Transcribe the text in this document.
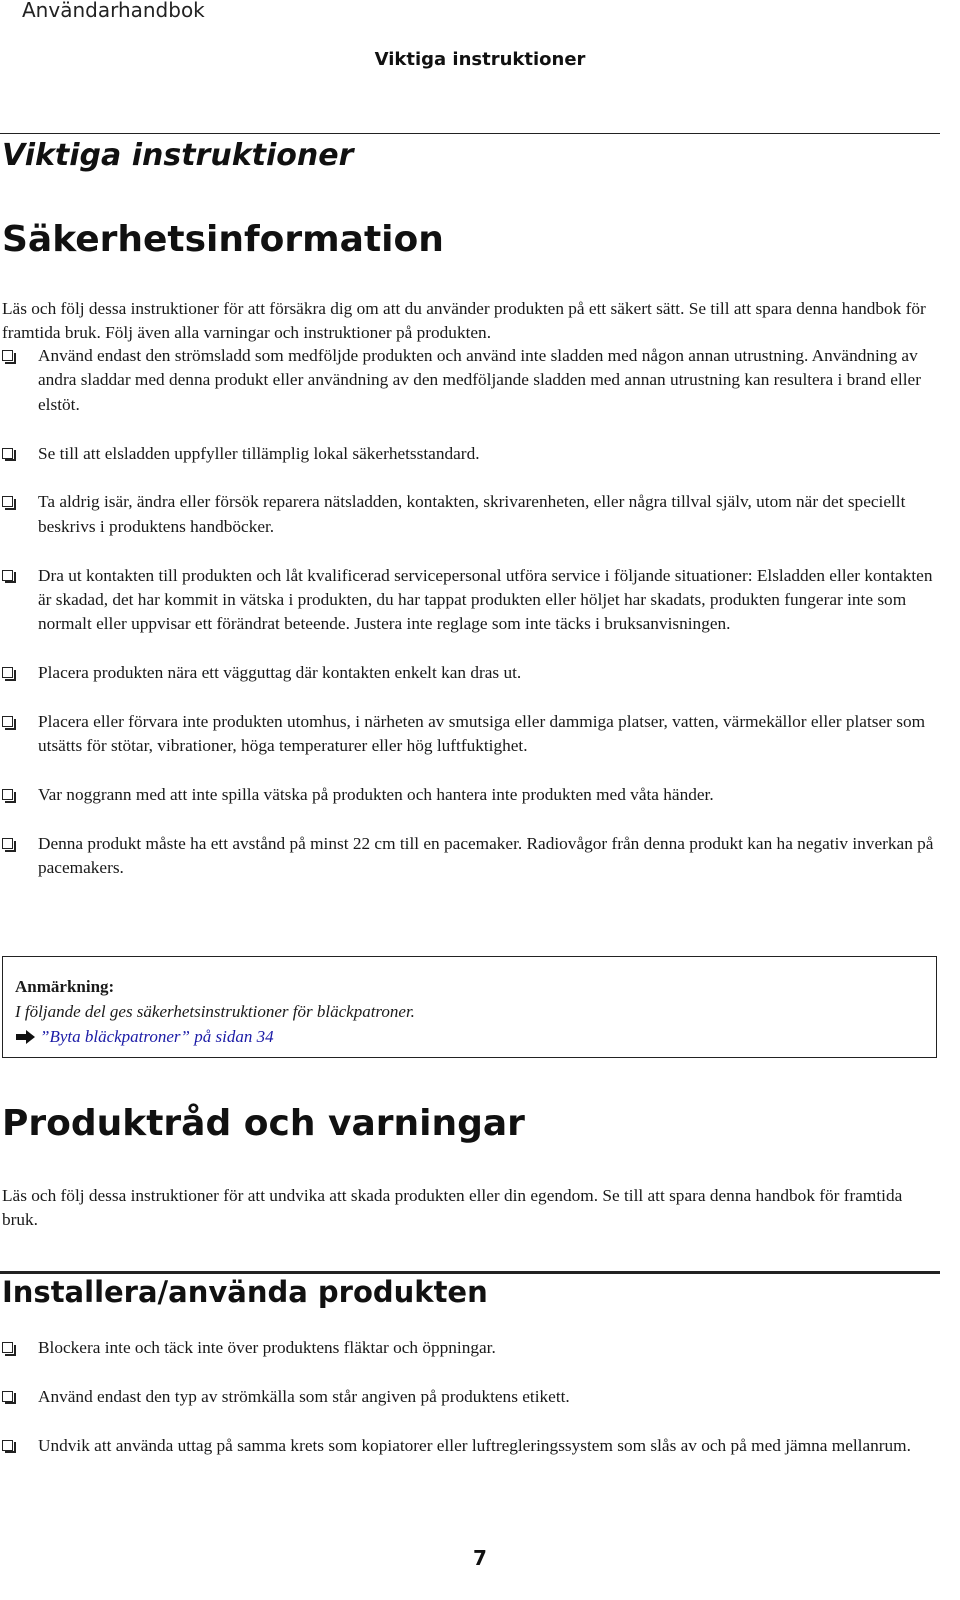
Användarhandbok
Viktiga instruktioner
Viktiga instruktioner
Säkerhetsinformation

Läs och följ dessa instruktioner för att försäkra dig om att du använder produkten på ett säkert sätt. Se till att spara denna handbok för framtida bruk. Följ även alla varningar och instruktioner på produkten.

Använd endast den strömsladd som medföljde produkten och använd inte sladden med någon annan utrustning. Användning av andra sladdar med denna produkt eller användning av den medföljande sladden med annan utrustning kan resultera i brand eller elstöt.
Se till att elsladden uppfyller tillämplig lokal säkerhetsstandard.
Ta aldrig isär, ändra eller försök reparera nätsladden, kontakten, skrivarenheten, eller några tillval själv, utom när det speciellt beskrivs i produktens handböcker.
Dra ut kontakten till produkten och låt kvalificerad servicepersonal utföra service i följande situationer: Elsladden eller kontakten är skadad, det har kommit in vätska i produkten, du har tappat produkten eller höljet har skadats, produkten fungerar inte som normalt eller uppvisar ett förändrat beteende. Justera inte reglage som inte täcks i bruksanvisningen.
Placera produkten nära ett vägguttag där kontakten enkelt kan dras ut.
Placera eller förvara inte produkten utomhus, i närheten av smutsiga eller dammiga platser, vatten, värmekällor eller platser som utsätts för stötar, vibrationer, höga temperaturer eller hög luftfuktighet.
Var noggrann med att inte spilla vätska på produkten och hantera inte produkten med våta händer.
Denna produkt måste ha ett avstånd på minst 22 cm till en pacemaker. Radiovågor från denna produkt kan ha negativ inverkan på pacemakers.
Anmärkning:
I följande del ges säkerhetsinstruktioner för bläckpatroner.
”Byta bläckpatroner” på sidan 34
Produktråd och varningar

Läs och följ dessa instruktioner för att undvika att skada produkten eller din egendom. Se till att spara denna handbok för framtida bruk.

Installera/använda produkten
Blockera inte och täck inte över produktens fläktar och öppningar.
Använd endast den typ av strömkälla som står angiven på produktens etikett.
Undvik att använda uttag på samma krets som kopiatorer eller luftregleringssystem som slås av och på med jämna mellanrum.
7
